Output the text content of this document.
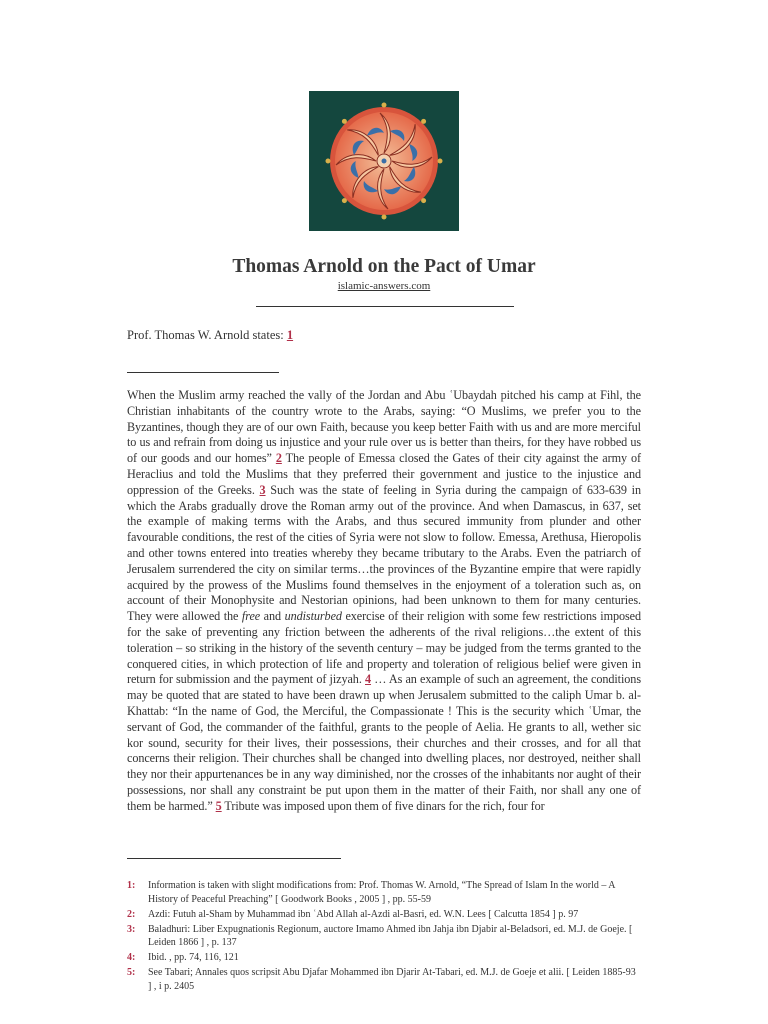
Thomas Arnold on the Pact of Umar
islamic-answers.com
Prof. Thomas W. Arnold states: 1

When the Muslim army reached the vally of the Jordan and Abu ʿUbaydah pitched his camp at Fihl, the Christian inhabitants of the country wrote to the Arabs, saying: “O Muslims, we prefer you to the Byzantines, though they are of our own Faith, because you keep better Faith with us and are more merciful to us and refrain from doing us injustice and your rule over us is better than theirs, for they have robbed us of our goods and our homes” 2 The people of Emessa closed the Gates of their city against the army of Heraclius and told the Muslims that they preferred their government and justice to the injustice and oppression of the Greeks. 3 Such was the state of feeling in Syria during the campaign of 633-639 in which the Arabs gradually drove the Roman army out of the province. And when Damascus, in 637, set the example of making terms with the Arabs, and thus secured immunity from plunder and other favourable conditions, the rest of the cities of Syria were not slow to follow. Emessa, Arethusa, Hieropolis and other towns entered into treaties whereby they became tributary to the Arabs. Even the patriarch of Jerusalem surrendered the city on similar terms…the provinces of the Byzantine empire that were rapidly acquired by the prowess of the Muslims found themselves in the enjoyment of a toleration such as, on account of their Monophysite and Nestorian opinions, had been unknown to them for many centuries. They were allowed the free and undisturbed exercise of their religion with some few restrictions imposed for the sake of preventing any friction between the adherents of the rival religions…the extent of this toleration – so striking in the history of the seventh century – may be judged from the terms granted to the conquered cities, in which protection of life and property and toleration of religious belief were given in return for submission and the payment of jizyah. 4 … As an example of such an agreement, the conditions may be quoted that are stated to have been drawn up when Jerusalem submitted to the caliph Umar b. al-Khattab: “In the name of God, the Merciful, the Compassionate ! This is the security which ʿUmar, the servant of God, the commander of the faithful, grants to the people of Aelia. He grants to all, wether sic kor sound, security for their lives, their possessions, their churches and their crosses, and for all that concerns their religion. Their churches shall be changed into dwelling places, nor destroyed, neither shall they nor their appurtenances be in any way diminished, nor the crosses of the inhabitants nor aught of their possessions, nor shall any constraint be put upon them in the matter of their Faith, nor shall any one of them be harmed.” 5 Tribute was imposed upon them of five dinars for the rich, four for

1:	Information is taken with slight modifications from: Prof. Thomas W. Arnold, “The Spread of Islam In the world – A History of Peaceful Preaching” [ Goodwork Books , 2005 ] , pp. 55-59
2:	Azdi: Futuh al-Sham by Muhammad ibn ʿAbd Allah al-Azdi al-Basri, ed. W.N. Lees [ Calcutta 1854 ] p. 97
3:	Baladhuri: Liber Expugnationis Regionum, auctore Imamo Ahmed ibn Jahja ibn Djabir al-Beladsori, ed. M.J. de Goeje. [ Leiden 1866 ] , p. 137
4:	Ibid. , pp. 74, 116, 121
5:	See Tabari; Annales quos scripsit Abu Djafar Mohammed ibn Djarir At-Tabari, ed. M.J. de Goeje et alii. [ Leiden 1885-93 ] , i p. 2405
